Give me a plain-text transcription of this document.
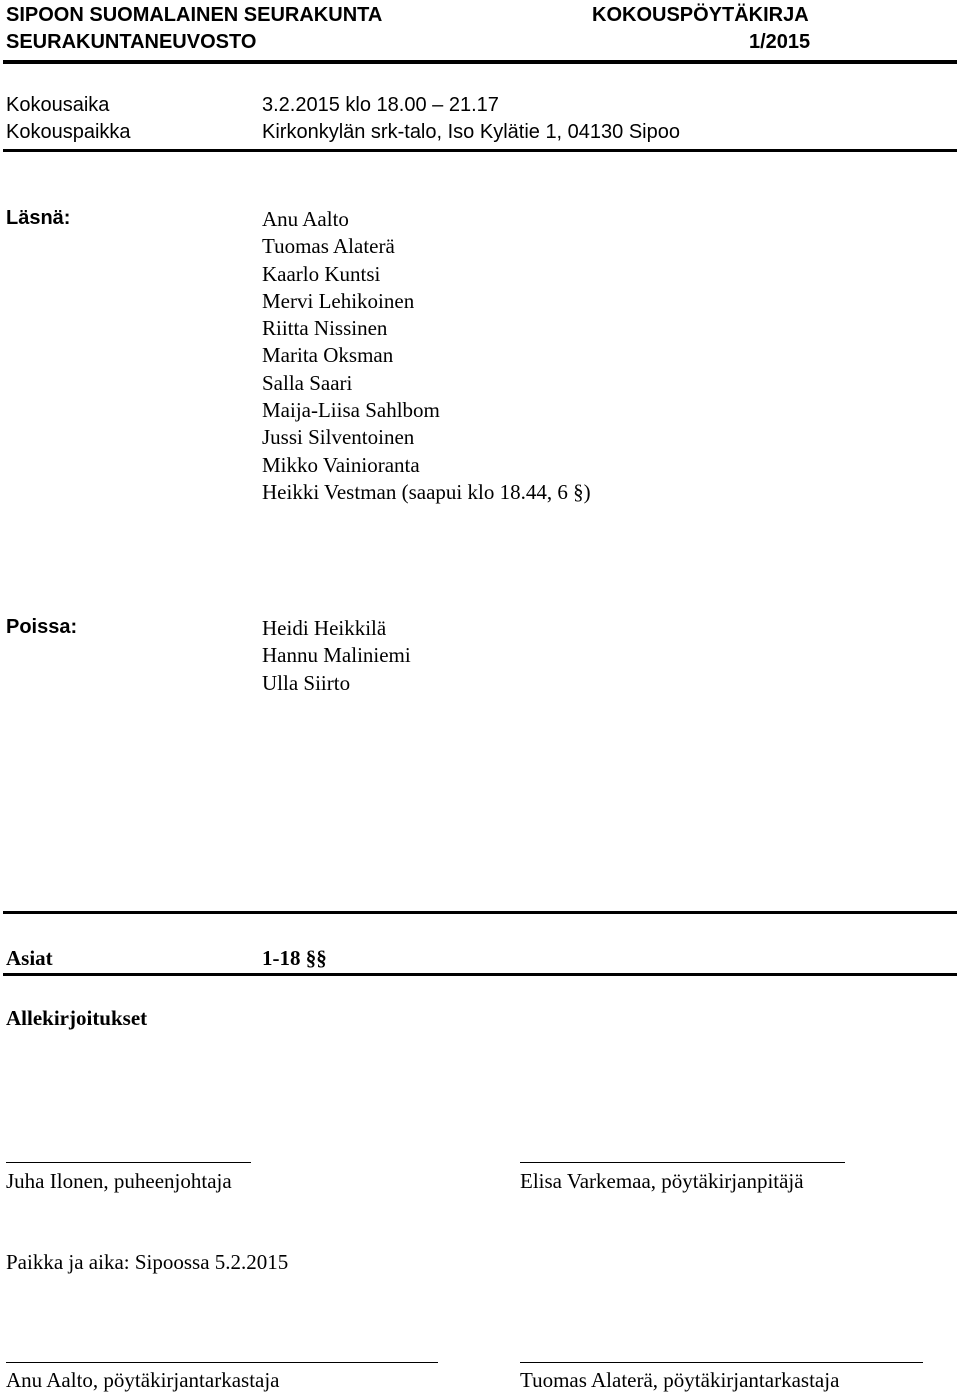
SIPOON SUOMALAINEN SEURAKUNTA	KOKOUSPÖYTÄKIRJA
SEURAKUNTANEUVOSTO	1/2015
Kokousaika	3.2.2015 klo 18.00 – 21.17
Kokouspaikka	Kirkonkylän srk-talo, Iso Kylätie 1, 04130 Sipoo
Läsnä:	Anu Aalto
Tuomas Alaterä
Kaarlo Kuntsi
Mervi Lehikoinen
Riitta Nissinen
Marita Oksman
Salla Saari
Maija-Liisa Sahlbom
Jussi Silventoinen
Mikko Vainioranta
Heikki Vestman (saapui klo 18.44, 6 §)
Poissa:	Heidi Heikkilä
Hannu Maliniemi
Ulla Siirto
Asiat	1-18 §§
Allekirjoitukset
Juha Ilonen, puheenjohtaja	Elisa Varkemaa, pöytäkirjanpitäjä
Paikka ja aika: Sipoossa 5.2.2015
Anu Aalto, pöytäkirjantarkastaja	Tuomas Alaterä, pöytäkirjantarkastaja
